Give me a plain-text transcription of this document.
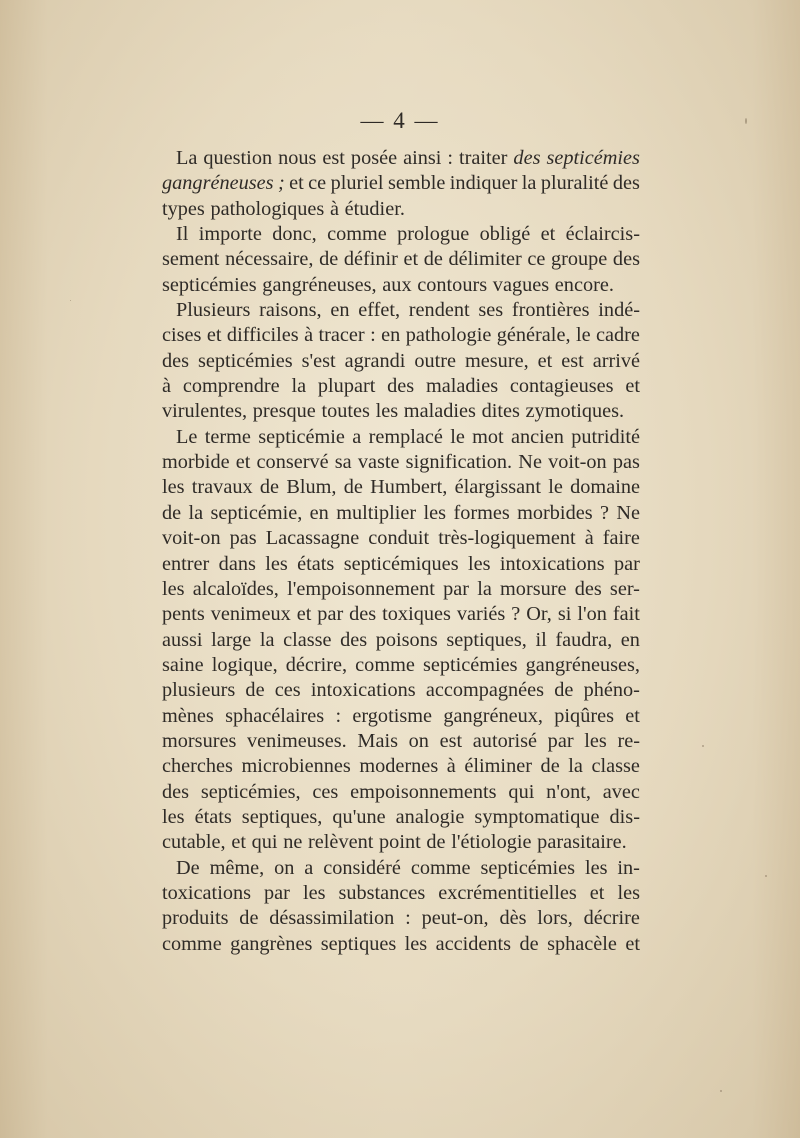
— 4 —
La question nous est posée ainsi : traiter des septicémies
gangréneuses ; et ce pluriel semble indiquer la pluralité des
types pathologiques à étudier.
Il importe donc, comme prologue obligé et éclaircis-
sement nécessaire, de définir et de délimiter ce groupe des
septicémies gangréneuses, aux contours vagues encore.
Plusieurs raisons, en effet, rendent ses frontières indé-
cises et difficiles à tracer : en pathologie générale, le cadre
des septicémies s'est agrandi outre mesure, et est arrivé
à comprendre la plupart des maladies contagieuses et
virulentes, presque toutes les maladies dites zymotiques.
Le terme septicémie a remplacé le mot ancien putridité
morbide et conservé sa vaste signification. Ne voit-on pas
les travaux de Blum, de Humbert, élargissant le domaine
de la septicémie, en multiplier les formes morbides ? Ne
voit-on pas Lacassagne conduit très-logiquement à faire
entrer dans les états septicémiques les intoxications par
les alcaloïdes, l'empoisonnement par la morsure des ser-
pents venimeux et par des toxiques variés ? Or, si l'on fait
aussi large la classe des poisons septiques, il faudra, en
saine logique, décrire, comme septicémies gangréneuses,
plusieurs de ces intoxications accompagnées de phéno-
mènes sphacélaires : ergotisme gangréneux, piqûres et
morsures venimeuses. Mais on est autorisé par les re-
cherches microbiennes modernes à éliminer de la classe
des septicémies, ces empoisonnements qui n'ont, avec
les états septiques, qu'une analogie symptomatique dis-
cutable, et qui ne relèvent point de l'étiologie parasitaire.
De même, on a considéré comme septicémies les in-
toxications par les substances excrémentitielles et les
produits de désassimilation : peut-on, dès lors, décrire
comme gangrènes septiques les accidents de sphacèle et
